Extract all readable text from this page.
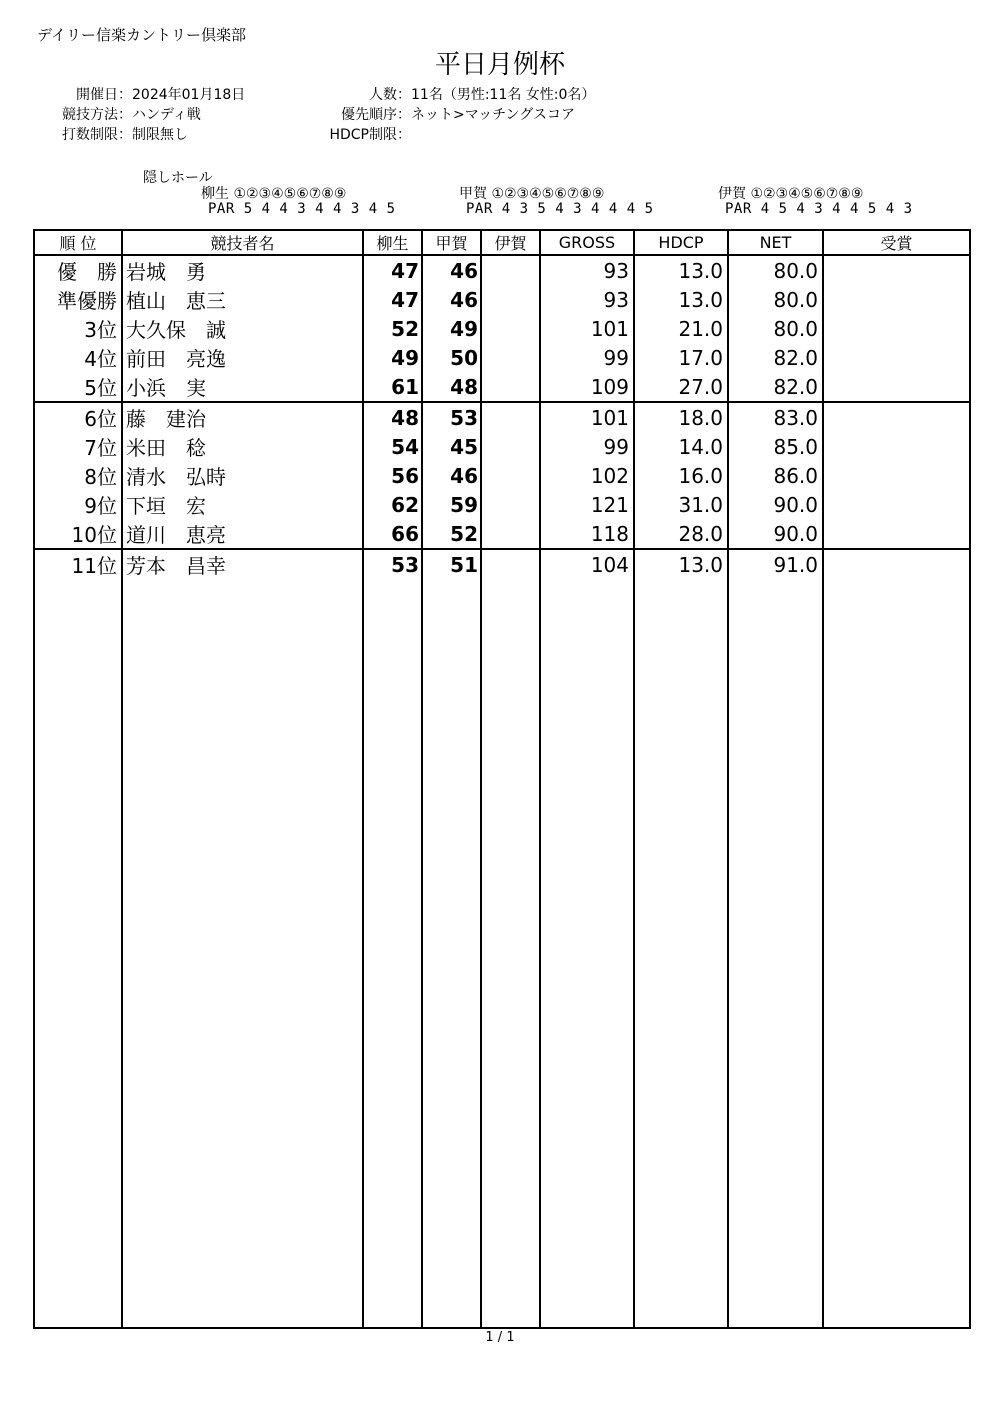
デイリー信楽カントリー倶楽部
平日月例杯
開催日：2024年01月18日
競技方法：ハンディ戦
打数制限：制限無し
人数：11名（男性:11名 女性:0名）
優先順序：ネット>マッチングスコア
HDCP制限：
隠しホール
柳生 ①②③④⑤⑥⑦⑧⑨
PAR 5 4 4 3 4 4 3 4 5
甲賀 ①②③④⑤⑥⑦⑧⑨
PAR 4 3 5 4 3 4 4 4 5
伊賀 ①②③④⑤⑥⑦⑧⑨
PAR 4 5 4 3 4 4 5 4 3
順 位	競技者名	柳生	甲賀	伊賀	GROSS	HDCP	NET	受賞
優　勝	岩城　勇	47	46		93	13.0	80.0	
準優勝	植山　恵三	47	46		93	13.0	80.0	
3位	大久保　誠	52	49		101	21.0	80.0	
4位	前田　亮逸	49	50		99	17.0	82.0	
5位	小浜　実	61	48		109	27.0	82.0	
6位	藤　建治	48	53		101	18.0	83.0	
7位	米田　稔	54	45		99	14.0	85.0	
8位	清水　弘時	56	46		102	16.0	86.0	
9位	下垣　宏	62	59		121	31.0	90.0	
10位	道川　恵亮	66	52		118	28.0	90.0	
11位	芳本　昌幸	53	51		104	13.0	91.0	

1 / 1
